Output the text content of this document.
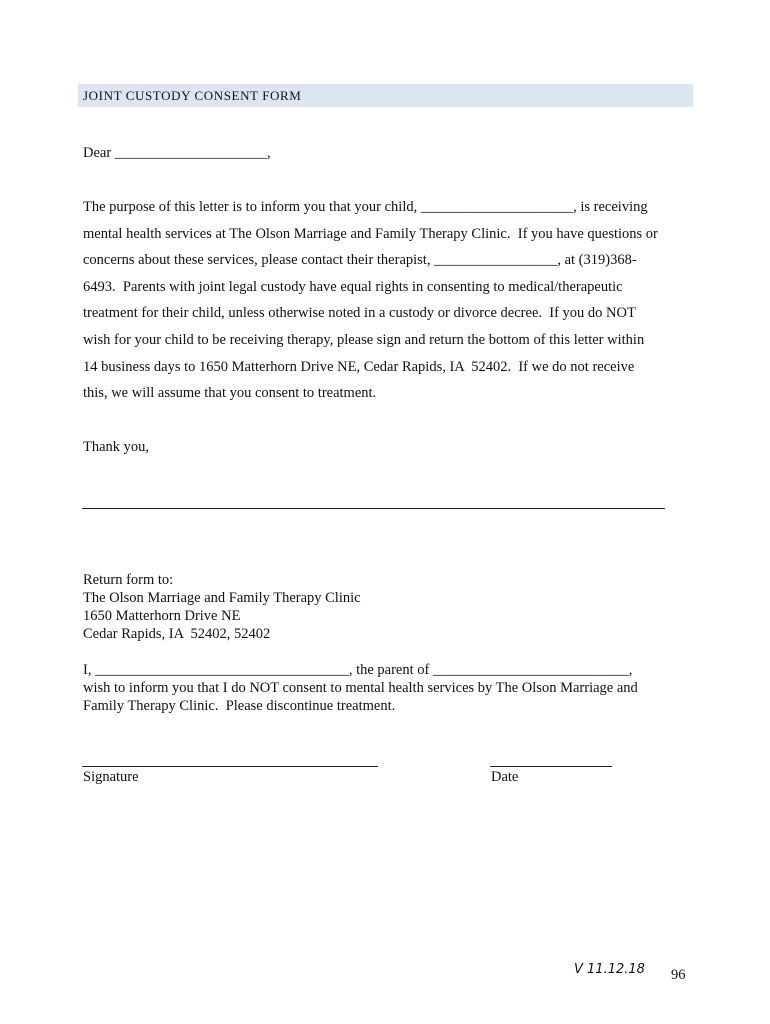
JOINT CUSTODY CONSENT FORM
Dear _____________________,
The purpose of this letter is to inform you that your child, _____________________, is receiving
mental health services at The Olson Marriage and Family Therapy Clinic.  If you have questions or
concerns about these services, please contact their therapist, _________________, at (319)368-
6493.  Parents with joint legal custody have equal rights in consenting to medical/therapeutic
treatment for their child, unless otherwise noted in a custody or divorce decree.  If you do NOT
wish for your child to be receiving therapy, please sign and return the bottom of this letter within
14 business days to 1650 Matterhorn Drive NE, Cedar Rapids, IA  52402.  If we do not receive
this, we will assume that you consent to treatment.
Thank you,
Return form to:
The Olson Marriage and Family Therapy Clinic
1650 Matterhorn Drive NE
Cedar Rapids, IA  52402, 52402
I, ___________________________________, the parent of ___________________________,
wish to inform you that I do NOT consent to mental health services by The Olson Marriage and
Family Therapy Clinic.  Please discontinue treatment.
Signature	Date
V 11.12.18 96
